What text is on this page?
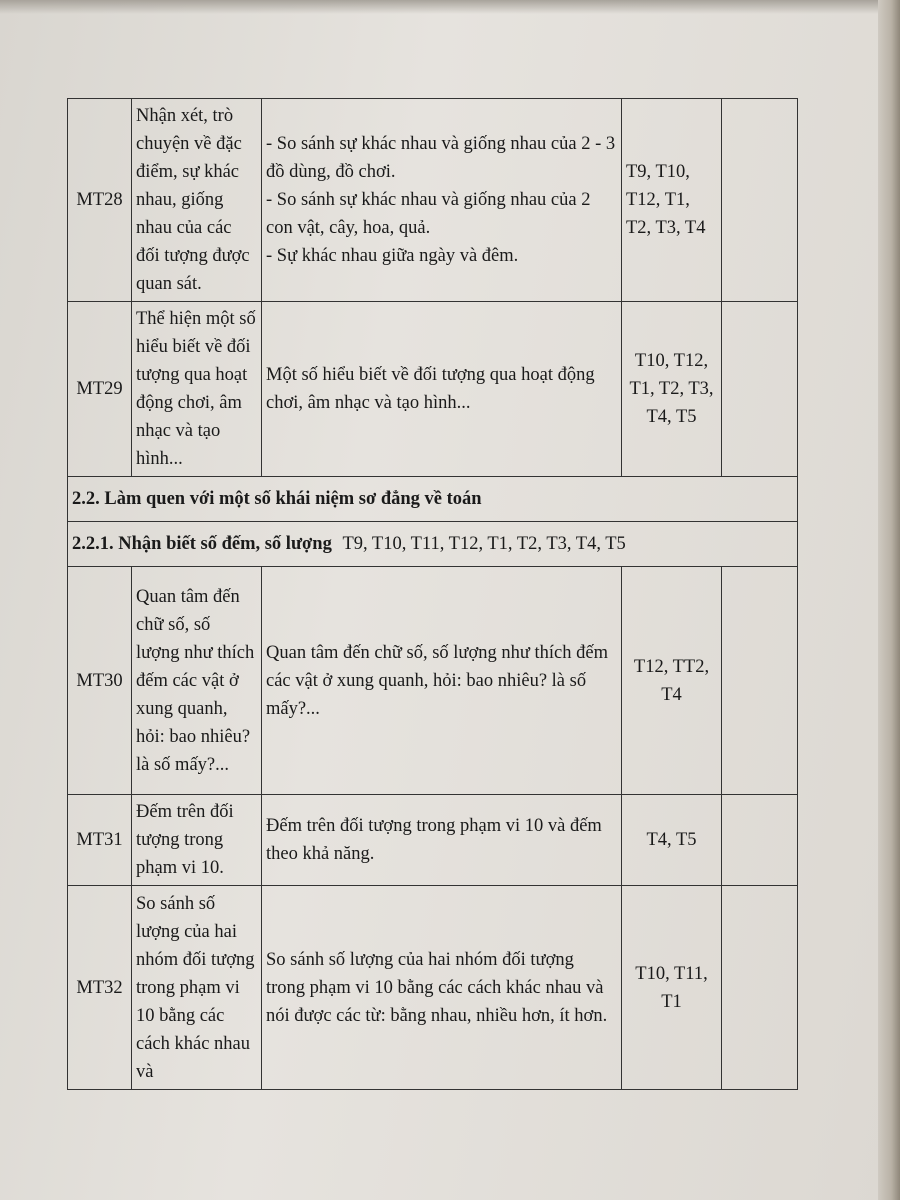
MT28	Nhận xét, trò chuyện về đặc điểm, sự khác nhau, giống nhau của các đối tượng được quan sát.	- So sánh sự khác nhau và giống nhau của 2 - 3 đồ dùng, đồ chơi.
- So sánh sự khác nhau và giống nhau của 2 con vật, cây, hoa, quả.
- Sự khác nhau giữa ngày và đêm.	T9, T10, T12, T1, T2, T3, T4	
MT29	Thể hiện một số hiểu biết về đối tượng qua hoạt động chơi, âm nhạc và tạo hình...	Một số hiểu biết về đối tượng qua hoạt động chơi, âm nhạc và tạo hình...	T10, T12, T1, T2, T3, T4, T5	
2.2. Làm quen với một số khái niệm sơ đẳng về toán				
2.2.1. Nhận biết số đếm, số lượng T9, T10, T11, T12, T1, T2, T3, T4, T5				
MT30	Quan tâm đến chữ số, số lượng như thích đếm các vật ở xung quanh, hỏi: bao nhiêu? là số mấy?...	Quan tâm đến chữ số, số lượng như thích đếm các vật ở xung quanh, hỏi: bao nhiêu? là số mấy?...	T12, TT2, T4	
MT31	Đếm trên đối tượng trong phạm vi 10.	Đếm trên đối tượng trong phạm vi 10 và đếm theo khả năng.	T4, T5	
MT32	So sánh số lượng của hai nhóm đối tượng trong phạm vi 10 bằng các cách khác nhau và	So sánh số lượng của hai nhóm đối tượng trong phạm vi 10 bằng các cách khác nhau và nói được các từ: bằng nhau, nhiều hơn, ít hơn.	T10, T11, T1	
